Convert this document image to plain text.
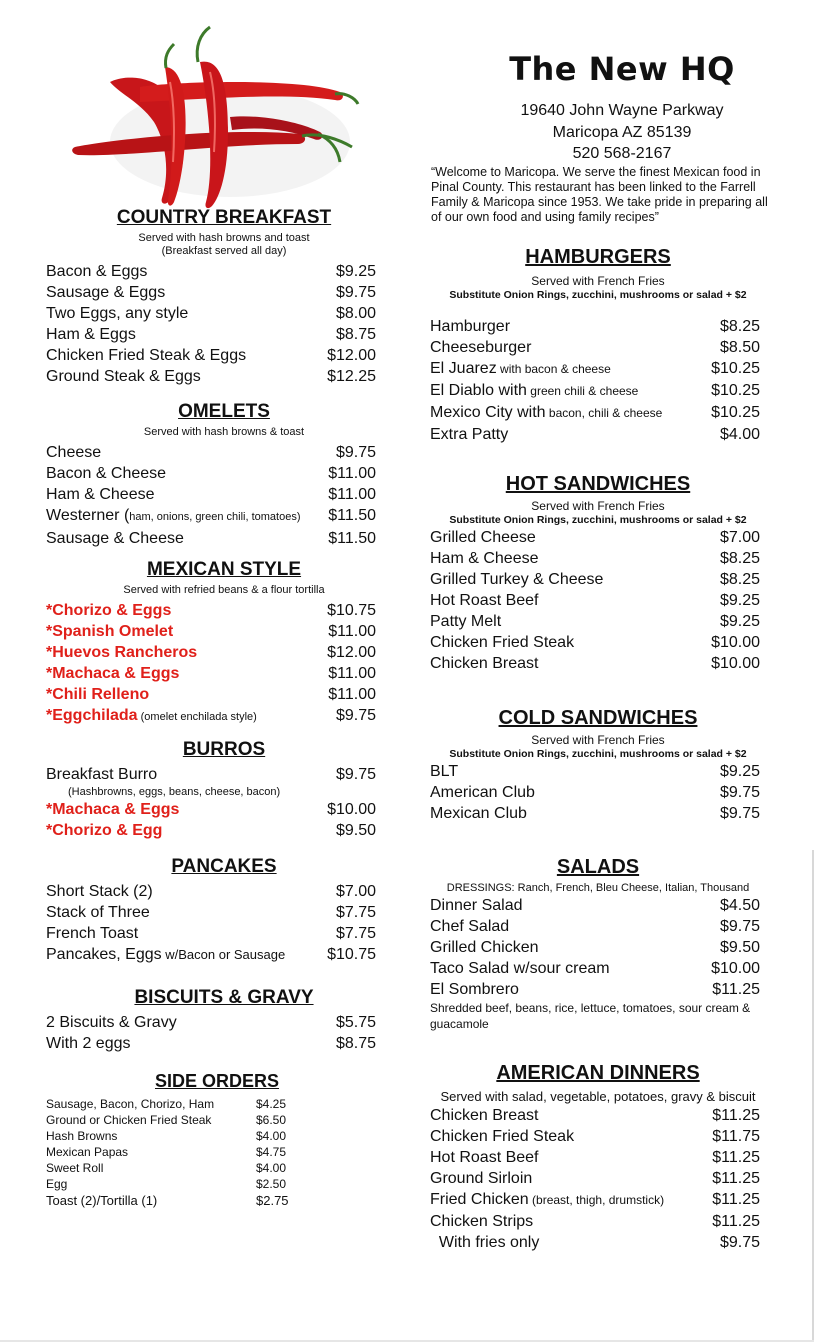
The New HQ
19640 John Wayne Parkway
Maricopa AZ 85139
520 568-2167
“Welcome to Maricopa. We serve the finest Mexican food in Pinal County. This restaurant has been linked to the Farrell Family & Maricopa since 1953. We take pride in preparing all of our own food and using family recipes”
COUNTRY BREAKFAST
Served with hash browns and toast
(Breakfast served all day)
Bacon & Eggs	$9.25
Sausage & Eggs	$9.75
Two Eggs, any style	$8.00
Ham & Eggs	$8.75
Chicken Fried Steak & Eggs	$12.00
Ground Steak & Eggs	$12.25
OMELETS
Served with hash browns & toast
Cheese	$9.75
Bacon & Cheese	$11.00
Ham & Cheese	$11.00
Westerner (ham, onions, green chili, tomatoes) $11.50
Sausage & Cheese	$11.50
MEXICAN STYLE
Served with refried beans & a flour tortilla
*Chorizo & Eggs	$10.75
*Spanish Omelet	$11.00
*Huevos Rancheros	$12.00
*Machaca & Eggs	$11.00
*Chili Relleno	$11.00
*Eggchilada (omelet enchilada style)	$9.75
BURROS
Breakfast Burro	$9.75
(Hashbrowns, eggs, beans, cheese, bacon)
*Machaca & Eggs	$10.00
*Chorizo & Egg	$9.50
PANCAKES
Short Stack (2)	$7.00
Stack of Three	$7.75
French Toast	$7.75
Pancakes, Eggs w/Bacon or Sausage	$10.75
BISCUITS & GRAVY
2 Biscuits & Gravy	$5.75
With 2 eggs	$8.75
SIDE ORDERS
Sausage, Bacon, Chorizo, Ham	$4.25
Ground or Chicken Fried Steak	$6.50
Hash Browns	$4.00
Mexican Papas	$4.75
Sweet Roll	$4.00
Egg	$2.50
Toast (2)/Tortilla (1)	$2.75
HAMBURGERS
Served with French Fries
Substitute Onion Rings, zucchini, mushrooms or salad + $2
Hamburger	$8.25
Cheeseburger	$8.50
El Juarez with bacon & cheese	$10.25
El Diablo with green chili & cheese	$10.25
Mexico City with bacon, chili & cheese	$10.25
Extra Patty	$4.00
HOT SANDWICHES
Served with French Fries
Substitute Onion Rings, zucchini, mushrooms or salad + $2
Grilled Cheese	$7.00
Ham & Cheese	$8.25
Grilled Turkey & Cheese	$8.25
Hot Roast Beef	$9.25
Patty Melt	$9.25
Chicken Fried Steak	$10.00
Chicken Breast	$10.00
COLD SANDWICHES
Served with French Fries
Substitute Onion Rings, zucchini, mushrooms or salad + $2
BLT	$9.25
American Club	$9.75
Mexican Club	$9.75
SALADS
DRESSINGS: Ranch, French, Bleu Cheese, Italian, Thousand
Dinner Salad	$4.50
Chef Salad	$9.75
Grilled Chicken	$9.50
Taco Salad w/sour cream	$10.00
El Sombrero	$11.25
Shredded beef, beans, rice, lettuce, tomatoes, sour cream & guacamole
AMERICAN DINNERS
Served with salad, vegetable, potatoes, gravy & biscuit
Chicken Breast	$11.25
Chicken Fried Steak	$11.75
Hot Roast Beef	$11.25
Ground Sirloin	$11.25
Fried Chicken (breast, thigh, drumstick)	$11.25
Chicken Strips	$11.25
With fries only	$9.75
